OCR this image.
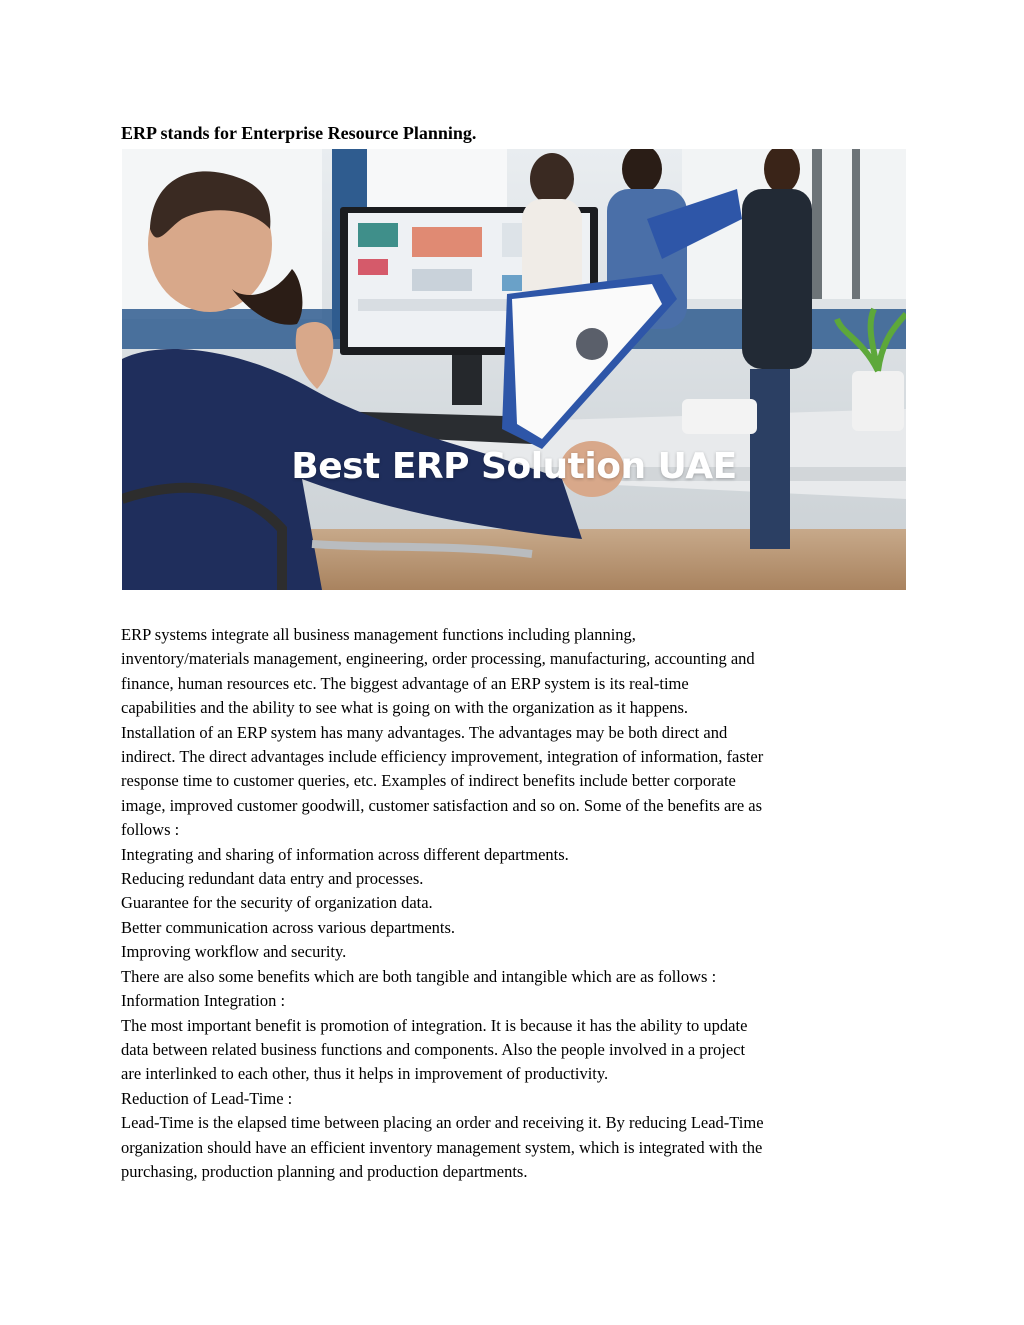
ERP stands for Enterprise Resource Planning.
Best ERP Solution UAE
ERP systems integrate all business management functions including planning,
inventory/materials management, engineering, order processing, manufacturing, accounting and
finance, human resources etc. The biggest advantage of an ERP system is its real-time
capabilities and the ability to see what is going on with the organization as it happens.
Installation of an ERP system has many advantages. The advantages may be both direct and
indirect. The direct advantages include efficiency improvement, integration of information, faster
response time to customer queries, etc. Examples of indirect benefits include better corporate
image, improved customer goodwill, customer satisfaction and so on. Some of the benefits are as
follows :
Integrating and sharing of information across different departments.
Reducing redundant data entry and processes.
Guarantee for the security of organization data.
Better communication across various departments.
Improving workflow and security.
There are also some benefits which are both tangible and intangible which are as follows :
Information Integration :
The most important benefit is promotion of integration. It is because it has the ability to update
data between related business functions and components. Also the people involved in a project
are interlinked to each other, thus it helps in improvement of productivity.
Reduction of Lead-Time :
Lead-Time is the elapsed time between placing an order and receiving it. By reducing Lead-Time
organization should have an efficient inventory management system, which is integrated with the
purchasing, production planning and production departments.
